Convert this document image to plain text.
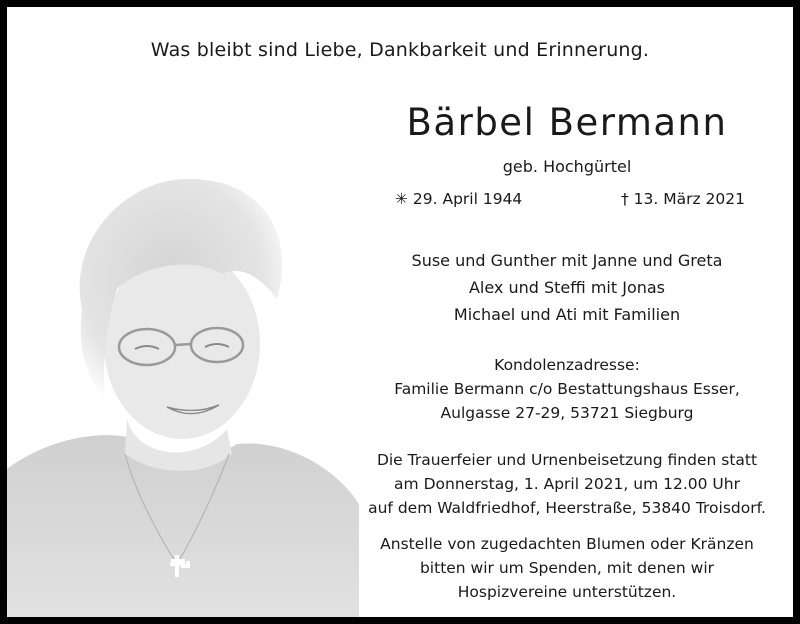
Was bleibt sind Liebe, Dankbarkeit und Erinnerung.
Bärbel Bermann
geb. Hochgürtel
✳ 29. April 1944	† 13. März 2021
Suse und Gunther mit Janne und Greta
Alex und Steffi mit Jonas
Michael und Ati mit Familien
Kondolenzadresse:
Familie Bermann c/o Bestattungshaus Esser,
Aulgasse 27-29, 53721 Siegburg
Die Trauerfeier und Urnenbeisetzung finden statt
am Donnerstag, 1. April 2021, um 12.00 Uhr
auf dem Waldfriedhof, Heerstraße, 53840 Troisdorf.
Anstelle von zugedachten Blumen oder Kränzen
bitten wir um Spenden, mit denen wir
Hospizvereine unterstützen.
